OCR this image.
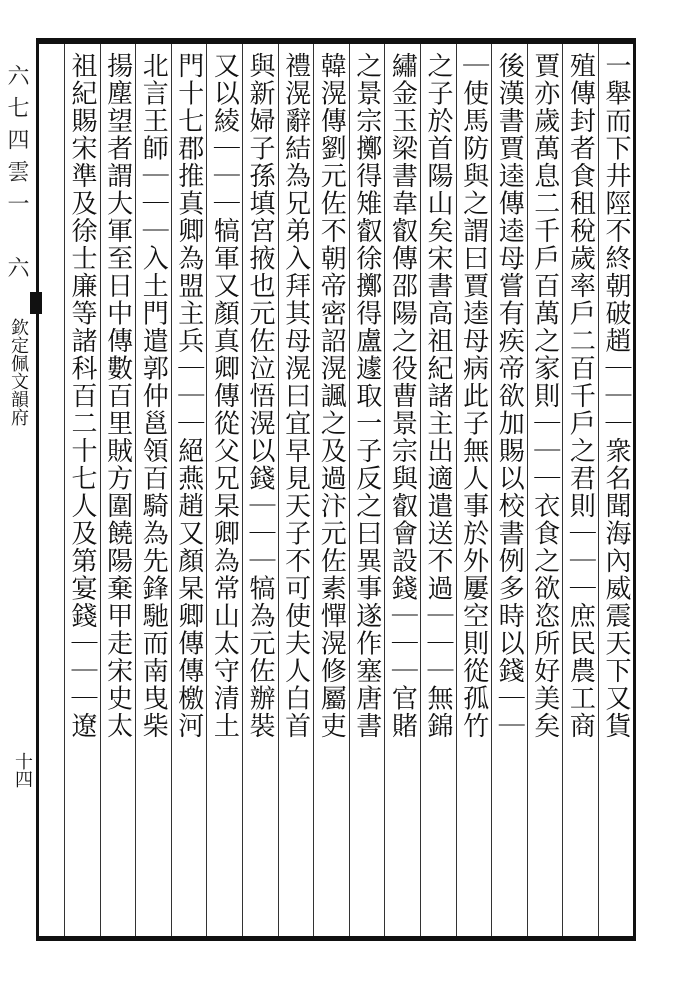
六七四雲一　六
欽定佩文韻府
十四
一舉而下井陘不終朝破趙｜｜｜衆名聞海內威震天下又貨
殖傳封者食租稅歲率戶二百千戶之君則｜｜｜庶民農工商
賈亦歲萬息二千戶百萬之家則｜｜｜衣食之欲恣所好美矣
後漢書賈逵傳逵母嘗有疾帝欲加賜以校書例多時以錢｜｜
｜使馬防與之謂曰賈逵母病此子無人事於外屢空則從孤竹
之子於首陽山矣宋書高祖紀諸主出適遣送不過｜｜｜無錦
繡金玉梁書韋叡傳邵陽之役曹景宗與叡會設錢｜｜｜官賭
之景宗擲得雉叡徐擲得盧遽取一子反之曰異事遂作塞唐書
韓滉傳劉元佐不朝帝密詔滉諷之及過汴元佐素憚滉修屬吏
禮滉辭結為兄弟入拜其母滉曰宜早見天子不可使夫人白首
與新婦子孫填宮掖也元佐泣悟滉以錢｜｜｜犒為元佐辦裝
又以綾｜｜｜犒軍又顏真卿傳從父兄杲卿為常山太守清土
門十七郡推真卿為盟主兵｜｜｜絕燕趙又顏杲卿傳傳檄河
北言王師｜｜｜入土門遣郭仲邕領百騎為先鋒馳而南曳柴
揚塵望者謂大軍至日中傳數百里賊方圍饒陽棄甲走宋史太
祖紀賜宋準及徐士廉等諸科百二十七人及第宴錢｜｜｜遼
